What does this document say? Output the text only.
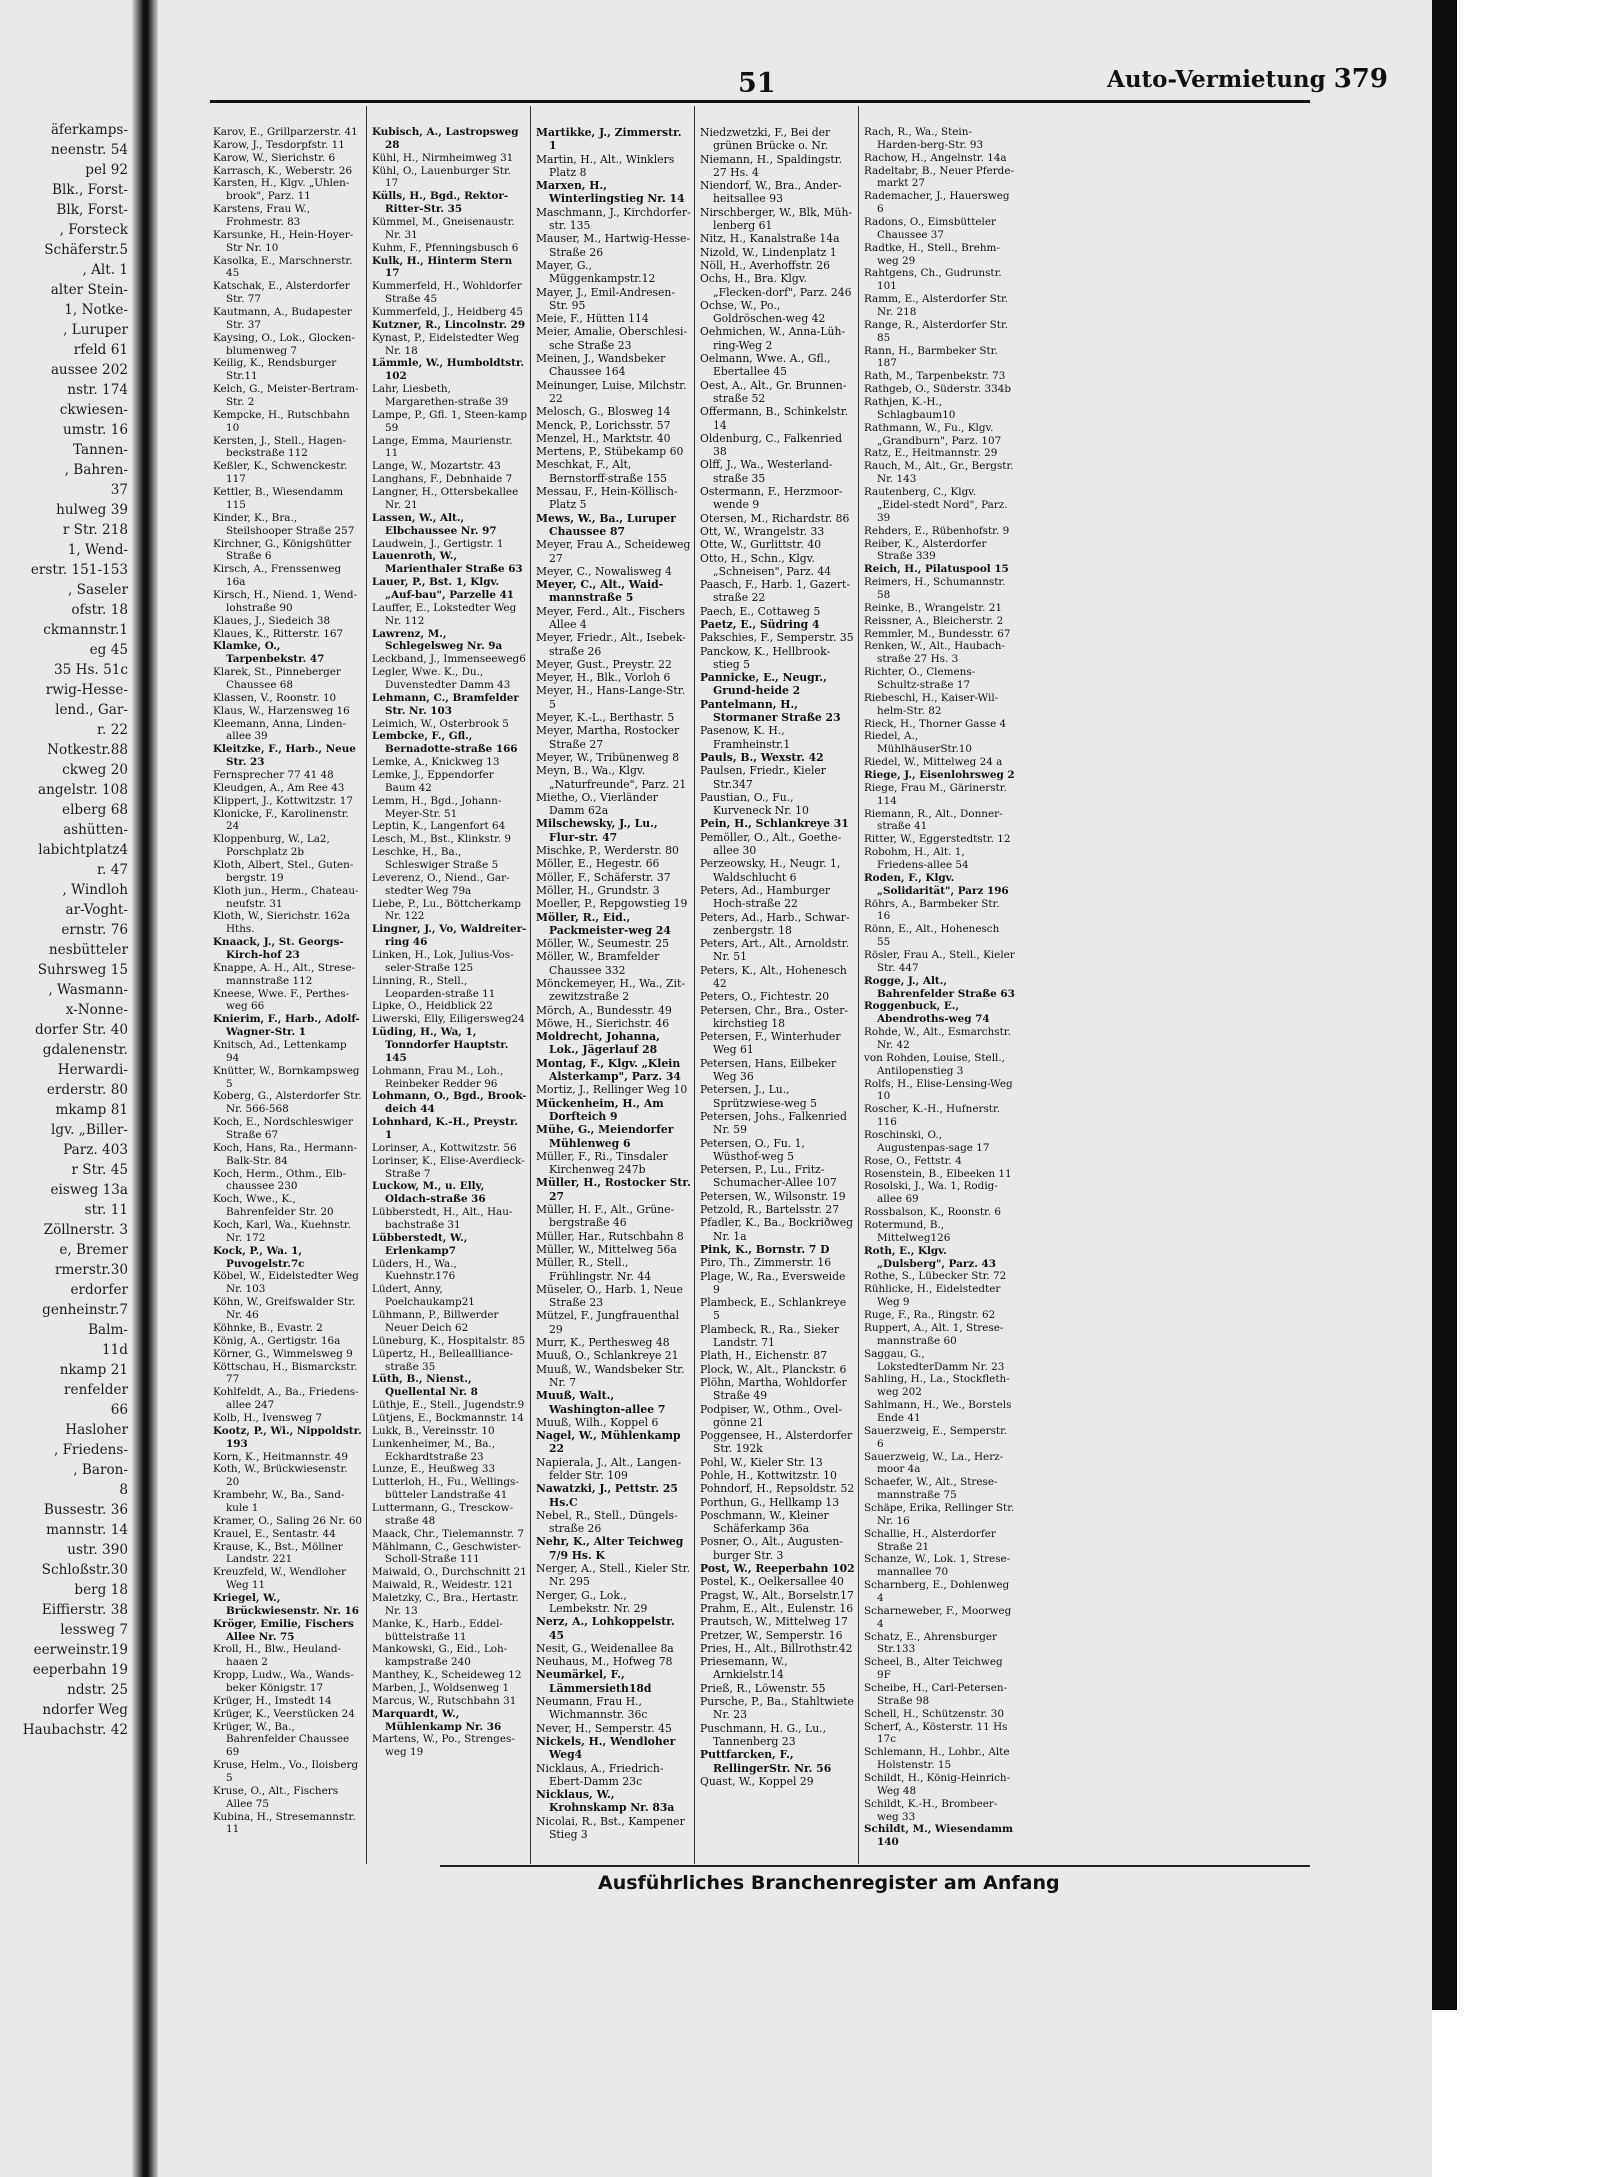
äferkamps-
neenstr. 54
pel 92
Blk., Forst-
Blk, Forst-
, Forsteck
Schäferstr.5
, Alt. 1
alter Stein-
1, Notke-
, Luruper
rfeld 61
aussee 202
nstr. 174
ckwiesen-
umstr. 16
Tannen-
, Bahren-
37
hulweg 39
r Str. 218
1, Wend-
erstr. 151-153
, Saseler
ofstr. 18
ckmannstr.1
eg 45
35 Hs. 51c
rwig-Hesse-
lend., Gar-
r. 22
Notkestr.88
ckweg 20
angelstr. 108
elberg 68
ashütten-
labichtplatz4
r. 47
, Windloh
ar-Voght-
ernstr. 76
nesbütteler
Suhrsweg 15
, Wasmann-
x-Nonne-
dorfer Str. 40
gdalenenstr.
Herwardi-
erderstr. 80
mkamp 81
lgv. „Biller-
Parz. 403
r Str. 45
eisweg 13a
str. 11
Zöllnerstr. 3
e, Bremer
rmerstr.30
erdorfer
genheinstr.7
Balm-
11d
nkamp 21
renfelder
66
Hasloher
, Friedens-
, Baron-
8
Bussestr. 36
mannstr. 14
ustr. 390
Schloßstr.30
berg 18
Eiffierstr. 38
lessweg 7
eerweinstr.19
eeperbahn 19
ndstr. 25
ndorfer Weg
Haubachstr. 42
51	Auto-Vermietung 379

Karov, E., Grillparzerstr. 41

Karow, J., Tesdorpfstr. 11

Karow, W., Sierichstr. 6

Karrasch, K., Weberstr. 26

Karsten, H., Klgv. „Uhlen-brook", Parz. 11

Karstens, Frau W., Frohmestr. 83

Karsunke, H., Hein-Hoyer-Str Nr. 10

Kasolka, E., Marschnerstr. 45

Katschak, E., Alsterdorfer Str. 77

Kautmann, A., Budapester Str. 37

Kaysing, O., Lok., Glocken-blumenweg 7

Keilig, K., Rendsburger Str.11

Kelch, G., Meister-Bertram-Str. 2

Kempcke, H., Rutschbahn 10

Kersten, J., Stell., Hagen-beckstraße 112

Keßler, K., Schwenckestr. 117

Kettler, B., Wiesendamm 115

Kinder, K., Bra., Steilshooper Straße 257

Kirchner, G., Königshütter Straße 6

Kirsch, A., Frenssenweg 16a

Kirsch, H., Niend. 1, Wend-lohstraße 90

Klaues, J., Siedeich 38

Klaues, K., Ritterstr. 167

Klamke, O., Tarpenbekstr. 47

Klarek, St., Pinneberger Chaussee 68

Klassen, V., Roonstr. 10

Klaus, W., Harzensweg 16

Kleemann, Anna, Linden-allee 39

Kleitzke, F., Harb., Neue Str. 23

Fernsprecher 77 41 48

Kleudgen, A., Am Ree 43

Klippert, J., Kottwitzstr. 17

Klonicke, F., Karolinenstr. 24

Kloppenburg, W., La2, Porschplatz 2b

Kloth, Albert, Stel., Guten-bergstr. 19

Kloth jun., Herm., Chateau-neufstr. 31

Kloth, W., Sierichstr. 162a Hths.

Knaack, J., St. Georgs-Kirch-hof 23

Knappe, A. H., Alt., Strese-mannstraße 112

Kneese, Wwe. F., Perthes-weg 66

Knierim, F., Harb., Adolf-Wagner-Str. 1

Knitsch, Ad., Lettenkamp 94

Knütter, W., Bornkampsweg 5

Koberg, G., Alsterdorfer Str. Nr. 566-568

Koch, E., Nordschleswiger Straße 67

Koch, Hans, Ra., Hermann-Balk-Str. 84

Koch, Herm., Othm., Elb-chaussee 230

Koch, Wwe., K., Bahrenfelder Str. 20

Koch, Karl, Wa., Kuehnstr. Nr. 172

Kock, P., Wa. 1, Puvogelstr.7c

Köbel, W., Eidelstedter Weg Nr. 103

Köhn, W., Greifswalder Str. Nr. 46

Köhnke, B., Evastr. 2

König, A., Gertigstr. 16a

Körner, G., Wimmelsweg 9

Köttschau, H., Bismarckstr. 77

Kohlfeldt, A., Ba., Friedens-allee 247

Kolb, H., Ivensweg 7

Kootz, P., Wi., Nippoldstr. 193

Korn, K., Heitmannstr. 49

Koth, W., Brückwiesenstr. 20

Krambehr, W., Ba., Sand-kule 1

Kramer, O., Saling 26 Nr. 60

Krauel, E., Sentastr. 44

Krause, K., Bst., Möllner Landstr. 221

Kreuzfeld, W., Wendloher Weg 11

Kriegel, W., Brückwiesenstr. Nr. 16

Kröger, Emilie, Fischers Allee Nr. 75

Kroll, H., Blw., Heuland-haaen 2

Kropp, Ludw., Wa., Wands-beker Königstr. 17

Krüger, H., Imstedt 14

Krüger, K., Veerstücken 24

Krüger, W., Ba., Bahrenfelder Chaussee 69

Kruse, Helm., Vo., Iloisberg 5

Kruse, O., Alt., Fischers Allee 75

Kubina, H., Stresemannstr. 11

Kubisch, A., Lastropsweg 28

Kühl, H., Nirmheimweg 31

Kühl, O., Lauenburger Str. 17

Külls, H., Bgd., Rektor-Ritter-Str. 35

Kümmel, M., Gneisenaustr. Nr. 31

Kuhm, F., Pfenningsbusch 6

Kulk, H., Hinterm Stern 17

Kummerfeld, H., Wohldorfer Straße 45

Kummerfeld, J., Heidberg 45

Kutzner, R., Lincolnstr. 29

Kynast, P., Eidelstedter Weg Nr. 18

Lämmle, W., Humboldtstr. 102

Lahr, Liesbeth, Margarethen-straße 39

Lampe, P., Gfl. 1, Steen-kamp 59

Lange, Emma, Maurienstr. 11

Lange, W., Mozartstr. 43

Langhans, F., Debnhaide 7

Langner, H., Ottersbekallee Nr. 21

Lassen, W., Alt., Elbchaussee Nr. 97

Laudwein, J., Gertigstr. 1

Lauenroth, W., Marienthaler Straße 63

Lauer, P., Bst. 1, Klgv. „Auf-bau", Parzelle 41

Lauffer, E., Lokstedter Weg Nr. 112

Lawrenz, M., Schlegelsweg Nr. 9a

Leckband, J., Immenseeweg6

Legler, Wwe. K., Du., Duvenstedter Damm 43

Lehmann, C., Bramfelder Str. Nr. 103

Leimich, W., Osterbrook 5

Lembcke, F., Gfl., Bernadotte-straße 166

Lemke, A., Knickweg 13

Lemke, J., Eppendorfer Baum 42

Lemm, H., Bgd., Johann-Meyer-Str. 51

Leptin, K., Langenfort 64

Lesch, M., Bst., Klinkstr. 9

Leschke, H., Ba., Schleswiger Straße 5

Leverenz, O., Niend., Gar-stedter Weg 79a

Liebe, P., Lu., Böttcherkamp Nr. 122

Lingner, J., Vo, Waldreiter-ring 46

Linken, H., Lok, Julius-Vos-seler-Straße 125

Linning, R., Stell., Leoparden-straße 11

Lipke, O., Heidblick 22

Liwerski, Elly, Eiligersweg24

Lüding, H., Wa, 1, Tonndorfer Hauptstr. 145

Lohmann, Frau M., Loh., Reinbeker Redder 96

Lohmann, O., Bgd., Brook-deich 44

Lohnhard, K.-H., Preystr. 1

Lorinser, A., Kottwitzstr. 56

Lorinser, K., Elise-Averdieck-Straße 7

Luckow, M., u. Elly, Oldach-straße 36

Lübberstedt, H., Alt., Hau-bachstraße 31

Lübberstedt, W., Erlenkamp7

Lüders, H., Wa., Kuehnstr.176

Lüdert, Anny, Poelchaukamp21

Lühmann, P., Billwerder Neuer Deich 62

Lüneburg, K., Hospitalstr. 85

Lüpertz, H., Belleallliance-straße 35

Lüth, B., Nienst., Quellental Nr. 8

Lüthje, E., Stell., Jugendstr.9

Lütjens, E., Bockmannstr. 14

Lukk, B., Vereinsstr. 10

Lunkenheimer, M., Ba., Eckhardtstraße 23

Lunze, E., Heußweg 33

Lutterloh, H., Fu., Wellings-bütteler Landstraße 41

Luttermann, G., Tresckow-straße 48

Maack, Chr., Tielemannstr. 7

Mählmann, C., Geschwister-Scholl-Straße 111

Maiwald, O., Durchschnitt 21

Maiwald, R., Weidestr. 121

Maletzky, C., Bra., Hertastr. Nr. 13

Manke, K., Harb., Eddel-büttelstraße 11

Mankowski, G., Eid., Loh-kampstraße 240

Manthey, K., Scheideweg 12

Marben, J., Woldsenweg 1

Marcus, W., Rutschbahn 31

Marquardt, W., Mühlenkamp Nr. 36

Martens, W., Po., Strenges-weg 19

Martikke, J., Zimmerstr. 1

Martin, H., Alt., Winklers Platz 8

Marxen, H., Winterlingstieg Nr. 14

Maschmann, J., Kirchdorfer-str. 135

Mauser, M., Hartwig-Hesse-Straße 26

Mayer, G., Müggenkampstr.12

Mayer, J., Emil-Andresen-Str. 95

Meie, F., Hütten 114

Meier, Amalie, Oberschlesi-sche Straße 23

Meinen, J., Wandsbeker Chaussee 164

Meinunger, Luise, Milchstr. 22

Melosch, G., Blosweg 14

Menck, P., Lorichsstr. 57

Menzel, H., Marktstr. 40

Mertens, P., Stübekamp 60

Meschkat, F., Alt, Bernstorff-straße 155

Messau, F., Hein-Köllisch-Platz 5

Mews, W., Ba., Luruper Chaussee 87

Meyer, Frau A., Scheideweg 27

Meyer, C., Nowalisweg 4

Meyer, C., Alt., Waid-mannstraße 5

Meyer, Ferd., Alt., Fischers Allee 4

Meyer, Friedr., Alt., Isebek-straße 26

Meyer, Gust., Preystr. 22

Meyer, H., Blk., Vorloh 6

Meyer, H., Hans-Lange-Str. 5

Meyer, K.-L., Berthastr. 5

Meyer, Martha, Rostocker Straße 27

Meyer, W., Tribünenweg 8

Meyn, B., Wa., Klgv. „Naturfreunde", Parz. 21

Miethe, O., Vierländer Damm 62a

Milschewsky, J., Lu., Flur-str. 47

Mischke, P., Werderstr. 80

Möller, E., Hegestr. 66

Möller, F., Schäferstr. 37

Möller, H., Grundstr. 3

Moeller, P., Repgowstieg 19

Möller, R., Eid., Packmeister-weg 24

Möller, W., Seumestr. 25

Möller, W., Bramfelder Chaussee 332

Mönckemeyer, H., Wa., Zit-zewitzstraße 2

Mörch, A., Bundesstr. 49

Möwe, H., Sierichstr. 46

Moldrecht, Johanna, Lok., Jägerlauf 28

Montag, F., Klgv. „Klein Alsterkamp", Parz. 34

Mortiz, J., Rellinger Weg 10

Mückenheim, H., Am Dorfteich 9

Mühe, G., Meiendorfer Mühlenweg 6

Müller, F., Ri., Tinsdaler Kirchenweg 247b

Müller, H., Rostocker Str. 27

Müller, H. F., Alt., Grüne-bergstraße 46

Müller, Har., Rutschbahn 8

Müller, W., Mittelweg 56a

Müller, R., Stell., Frühlingstr. Nr. 44

Müseler, O., Harb. 1, Neue Straße 23

Mützel, F., Jungfrauenthal 29

Murr, K., Perthesweg 48

Muuß, O., Schlankreye 21

Muuß, W., Wandsbeker Str. Nr. 7

Muuß, Walt., Washington-allee 7

Muuß, Wilh., Koppel 6

Nagel, W., Mühlenkamp 22

Napierala, J., Alt., Langen-felder Str. 109

Nawatzki, J., Pettstr. 25 Hs.C

Nebel, R., Stell., Düngels-straße 26

Nehr, K., Alter Teichweg 7/9 Hs. K

Nerger, A., Stell., Kieler Str. Nr. 295

Nerger, G., Lok., Lembekstr. Nr. 29

Nerz, A., Lohkoppelstr. 45

Nesit, G., Weidenallee 8a

Neuhaus, M., Hofweg 78

Neumärkel, F., Lämmersieth18d

Neumann, Frau H., Wichmannstr. 36c

Never, H., Semperstr. 45

Nickels, H., Wendloher Weg4

Nicklaus, A., Friedrich-Ebert-Damm 23c

Nicklaus, W., Krohnskamp Nr. 83a

Nicolai, R., Bst., Kampener Stieg 3

Niedzwetzki, F., Bei der grünen Brücke o. Nr.

Niemann, H., Spaldingstr. 27 Hs. 4

Niendorf, W., Bra., Ander-heitsallee 93

Nirschberger, W., Blk, Müh-lenberg 61

Nitz, H., Kanalstraße 14a

Nizold, W., Lindenplatz 1

Nöll, H., Averhoffstr. 26

Ochs, H., Bra. Klgv. „Flecken-dorf", Parz. 246

Ochse, W., Po., Goldröschen-weg 42

Oehmichen, W., Anna-Lüh-ring-Weg 2

Oelmann, Wwe. A., Gfl., Ebertallee 45

Oest, A., Alt., Gr. Brunnen-straße 52

Offermann, B., Schinkelstr. 14

Oldenburg, C., Falkenried 38

Olff, J., Wa., Westerland-straße 35

Ostermann, F., Herzmoor-wende 9

Otersen, M., Richardstr. 86

Ott, W., Wrangelstr. 33

Otte, W., Gurlittstr. 40

Otto, H., Schn., Klgv. „Schneisen", Parz. 44

Paasch, F., Harb. 1, Gazert-straße 22

Paech, E., Cottaweg 5

Paetz, E., Südring 4

Pakschies, F., Semperstr. 35

Panckow, K., Hellbrook-stieg 5

Pannicke, E., Neugr., Grund-heide 2

Pantelmann, H., Stormaner Straße 23

Pasenow, K. H., Framheinstr.1

Pauls, B., Wexstr. 42

Paulsen, Friedr., Kieler Str.347

Paustian, O., Fu., Kurveneck Nr. 10

Pein, H., Schlankreye 31

Pemöller, O., Alt., Goethe-allee 30

Perzeowsky, H., Neugr. 1, Waldschlucht 6

Peters, Ad., Hamburger Hoch-straße 22

Peters, Ad., Harb., Schwar-zenbergstr. 18

Peters, Art., Alt., Arnoldstr. Nr. 51

Peters, K., Alt., Hohenesch 42

Peters, O., Fichtestr. 20

Petersen, Chr., Bra., Oster-kirchstieg 18

Petersen, F., Winterhuder Weg 61

Petersen, Hans, Eilbeker Weg 36

Petersen, J., Lu., Sprützwiese-weg 5

Petersen, Johs., Falkenried Nr. 59

Petersen, O., Fu. 1, Wüsthof-weg 5

Petersen, P., Lu., Fritz-Schumacher-Allee 107

Petersen, W., Wilsonstr. 19

Petzold, R., Bartelsstr. 27

Pfadler, K., Ba., Bockriðweg Nr. 1a

Pink, K., Bornstr. 7 D

Piro, Th., Zimmerstr. 16

Plage, W., Ra., Eversweide 9

Plambeck, E., Schlankreye 5

Plambeck, R., Ra., Sieker Landstr. 71

Plath, H., Eichenstr. 87

Plock, W., Alt., Planckstr. 6

Plöhn, Martha, Wohldorfer Straße 49

Podpiser, W., Othm., Ovel-gönne 21

Poggensee, H., Alsterdorfer Str. 192k

Pohl, W., Kieler Str. 13

Pohle, H., Kottwitzstr. 10

Pohndorf, H., Repsoldstr. 52

Porthun, G., Hellkamp 13

Poschmann, W., Kleiner Schäferkamp 36a

Posner, O., Alt., Augusten-burger Str. 3

Post, W., Reeperbahn 102

Postel, K., Oelkersallee 40

Pragst, W., Alt., Borselstr.17

Prahm, E., Alt., Eulenstr. 16

Prautsch, W., Mittelweg 17

Pretzer, W., Semperstr. 16

Pries, H., Alt., Billrothstr.42

Priesemann, W., Arnkielstr.14

Prieß, R., Löwenstr. 55

Pursche, P., Ba., Stahltwiete Nr. 23

Puschmann, H. G., Lu., Tannenberg 23

Puttfarcken, F., RellingerStr. Nr. 56

Quast, W., Koppel 29

Rach, R., Wa., Stein-Harden-berg-Str. 93

Rachow, H., Angelnstr. 14a

Radeltabr, B., Neuer Pferde-markt 27

Rademacher, J., Hauersweg 6

Radons, O., Eimsbütteler Chaussee 37

Radtke, H., Stell., Brehm-weg 29

Rahtgens, Ch., Gudrunstr. 101

Ramm, E., Alsterdorfer Str. Nr. 218

Range, R., Alsterdorfer Str. 85

Rann, H., Barmbeker Str. 187

Rath, M., Tarpenbekstr. 73

Rathgeb, O., Süderstr. 334b

Rathjen, K.-H., Schlagbaum10

Rathmann, W., Fu., Klgv. „Grandburn", Parz. 107

Ratz, E., Heitmannstr. 29

Rauch, M., Alt., Gr., Bergstr. Nr. 143

Rautenberg, C., Klgv. „Eidel-stedt Nord", Parz. 39

Rehders, E., Rübenhofstr. 9

Reiber, K., Alsterdorfer Straße 339

Reich, H., Pilatuspool 15

Reimers, H., Schumannstr. 58

Reinke, B., Wrangelstr. 21

Reissner, A., Bleicherstr. 2

Remmler, M., Bundesstr. 67

Renken, W., Alt., Haubach-straße 27 Hs. 3

Richter, O., Clemens-Schultz-straße 17

Riebeschl, H., Kaiser-Wil-helm-Str. 82

Rieck, H., Thorner Gasse 4

Riedel, A., MühlhäuserStr.10

Riedel, W., Mittelweg 24 a

Riege, J., Eisenlohrsweg 2

Riege, Frau M., Gärinerstr. 114

Riemann, R., Alt., Donner-straße 41

Ritter, W., Eggerstedtstr. 12

Robohm, H., Alt. 1, Friedens-allee 54

Roden, F., Klgv. „Solidarität", Parz 196

Röhrs, A., Barmbeker Str. 16

Rönn, E., Alt., Hohenesch 55

Rösler, Frau A., Stell., Kieler Str. 447

Rogge, J., Alt., Bahrenfelder Straße 63

Roggenbuck, E., Abendroths-weg 74

Rohde, W., Alt., Esmarchstr. Nr. 42

von Rohden, Louise, Stell., Antilopenstieg 3

Rolfs, H., Elise-Lensing-Weg 10

Roscher, K.-H., Hufnerstr. 116

Roschinski, O., Augustenpas-sage 17

Rose, O., Fettstr. 4

Rosenstein, B., Elbeeken 11

Rosolski, J., Wa. 1, Rodig-allee 69

Rossbalson, K., Roonstr. 6

Rotermund, B., Mittelweg126

Roth, E., Klgv. „Dulsberg", Parz. 43

Rothe, S., Lübecker Str. 72

Rühlicke, H., Eidelstedter Weg 9

Ruge, F., Ra., Ringstr. 62

Ruppert, A., Alt. 1, Strese-mannstraße 60

Saggau, G., LokstedterDamm Nr. 23

Sahling, H., La., Stockfleth-weg 202

Sahlmann, H., We., Borstels Ende 41

Sauerzweig, E., Semperstr. 6

Sauerzweig, W., La., Herz-moor 4a

Schaefer, W., Alt., Strese-mannstraße 75

Schäpe, Erika, Rellinger Str. Nr. 16

Schallie, H., Alsterdorfer Straße 21

Schanze, W., Lok. 1, Strese-mannallee 70

Scharnberg, E., Dohlenweg 4

Scharneweber, F., Moorweg 4

Schatz, E., Ahrensburger Str.133

Scheel, B., Alter Teichweg 9F

Scheibe, H., Carl-Petersen-Straße 98

Schell, H., Schützenstr. 30

Scherf, A., Kösterstr. 11 Hs 17c

Schlemann, H., Lohbr., Alte Holstenstr. 15

Schildt, H., König-Heinrich-Weg 48

Schildt, K.-H., Brombeer-weg 33

Schildt, M., Wiesendamm 140

Ausführliches Branchenregister am Anfang
